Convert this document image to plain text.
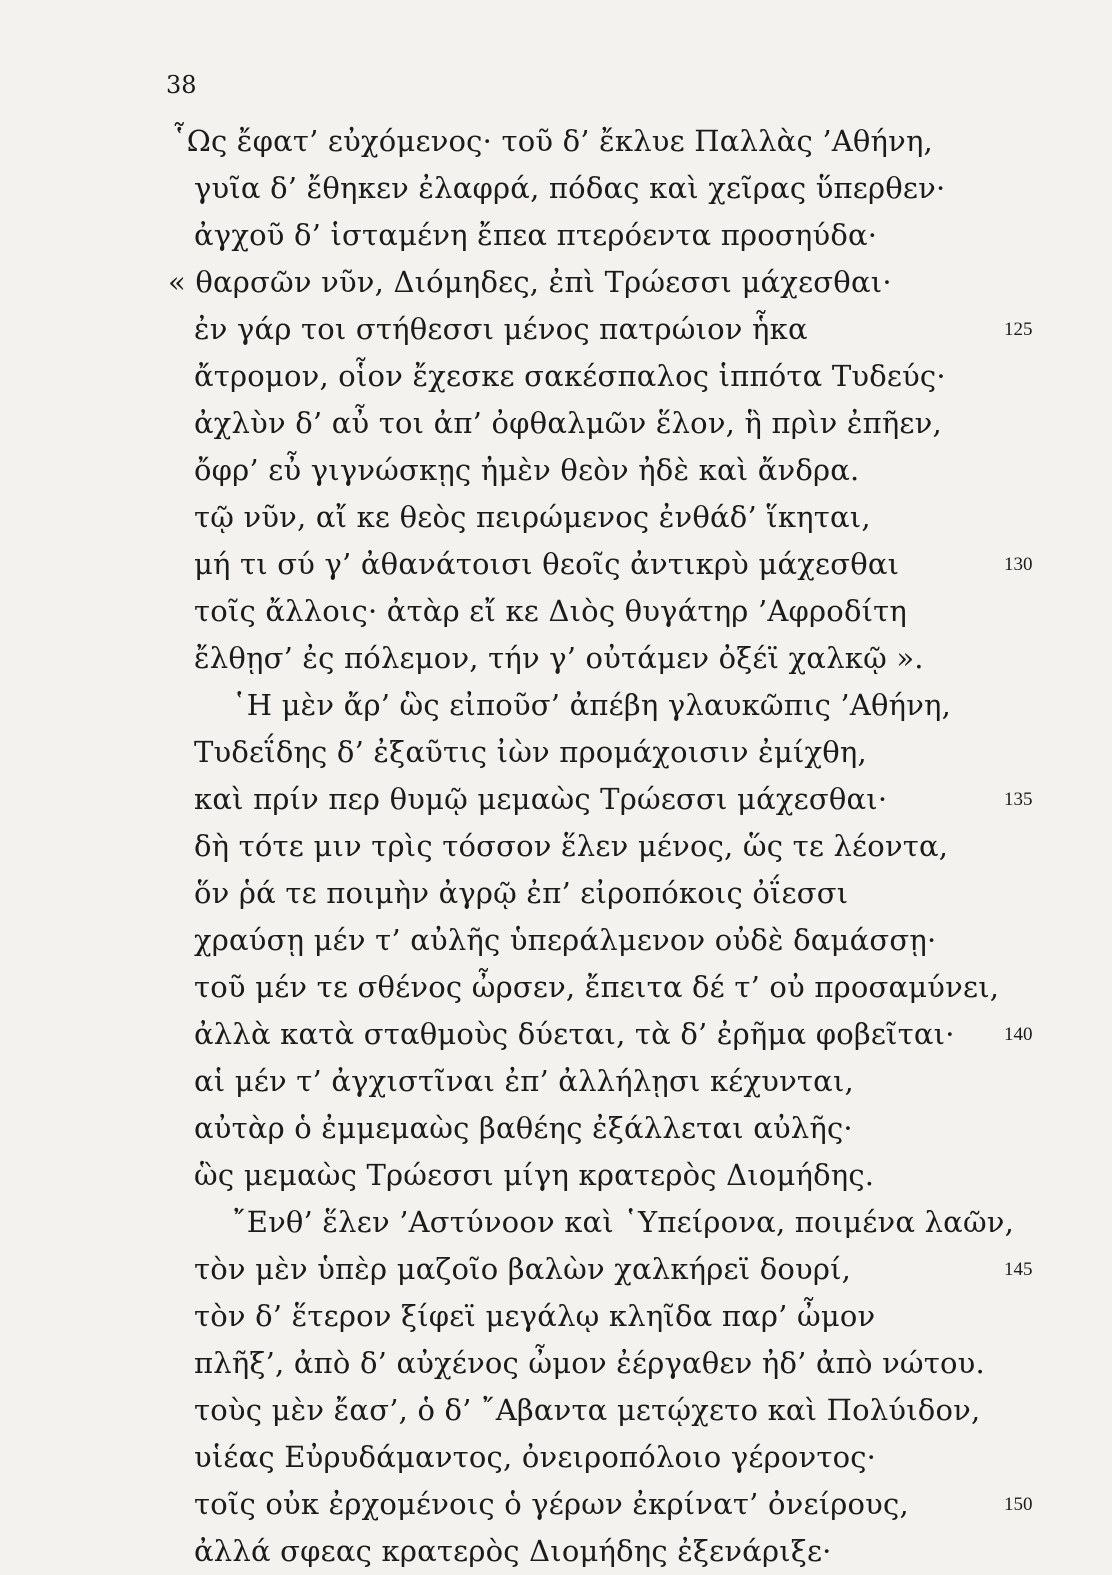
38
῟Ως ἔφατ’ εὐχόμενος· τοῦ δ’ ἔκλυε Παλλὰς ’Αθήνη,
γυῖα δ’ ἔθηκεν ἐλαφρά, πόδας καὶ χεῖρας ὕπερθεν·
ἀγχοῦ δ’ ἱσταμένη ἔπεα πτερόεντα προσηύδα·
« θαρσῶν νῦν, Διόμηδες, ἐπὶ Τρώεσσι μάχεσθαι·
ἐν γάρ τοι στήθεσσι μένος πατρώιον ἧκα	125
ἄτρομον, οἷον ἔχεσκε σακέσπαλος ἱππότα Τυδεύς·
ἀχλὺν δ’ αὖ τοι ἀπ’ ὀφθαλμῶν ἕλον, ἣ πρὶν ἐπῆεν,
ὄφρ’ εὖ γιγνώσκῃς ἠμὲν θεὸν ἠδὲ καὶ ἄνδρα.
τῷ νῦν, αἴ κε θεὸς πειρώμενος ἐνθάδ’ ἵκηται,
μή τι σύ γ’ ἀθανάτοισι θεοῖς ἀντικρὺ μάχεσθαι	130
τοῖς ἄλλοις· ἀτὰρ εἴ κε Διὸς θυγάτηρ ’Αφροδίτη
ἔλθῃσ’ ἐς πόλεμον, τήν γ’ οὐτάμεν ὀξέϊ χαλκῷ ».
῾Η μὲν ἄρ’ ὣς εἰποῦσ’ ἀπέβη γλαυκῶπις ’Αθήνη,
Τυδεΐδης δ’ ἐξαῦτις ἰὼν προμάχοισιν ἐμίχθη,
καὶ πρίν περ θυμῷ μεμαὼς Τρώεσσι μάχεσθαι·	135
δὴ τότε μιν τρὶς τόσσον ἕλεν μένος, ὥς τε λέοντα,
ὅν ῥά τε ποιμὴν ἀγρῷ ἐπ’ εἰροπόκοις ὀΐεσσι
χραύσῃ μέν τ’ αὐλῆς ὑπεράλμενον οὐδὲ δαμάσσῃ·
τοῦ μέν τε σθένος ὦρσεν, ἔπειτα δέ τ’ οὐ προσαμύνει,
ἀλλὰ κατὰ σταθμοὺς δύεται, τὰ δ’ ἐρῆμα φοβεῖται·	140
αἱ μέν τ’ ἀγχιστῖναι ἐπ’ ἀλλήλῃσι κέχυνται,
αὐτὰρ ὁ ἐμμεμαὼς βαθέης ἐξάλλεται αὐλῆς·
ὣς μεμαὼς Τρώεσσι μίγη κρατερὸς Διομήδης.
῎Ενθ’ ἕλεν ’Αστύνοον καὶ ῾Υπείρονα, ποιμένα λαῶν,
τὸν μὲν ὑπὲρ μαζοῖο βαλὼν χαλκήρεϊ δουρί,	145
τὸν δ’ ἕτερον ξίφεϊ μεγάλῳ κληῖδα παρ’ ὦμον
πλῆξ’, ἀπὸ δ’ αὐχένος ὦμον ἐέργαθεν ἠδ’ ἀπὸ νώτου.
τοὺς μὲν ἔασ’, ὁ δ’ ῎Αβαντα μετῴχετο καὶ Πολύιδον,
υἱέας Εὐρυδάμαντος, ὀνειροπόλοιο γέροντος·
τοῖς οὐκ ἐρχομένοις ὁ γέρων ἐκρίνατ’ ὀνείρους,	150
ἀλλά σφεας κρατερὸς Διομήδης ἐξενάριξε·
